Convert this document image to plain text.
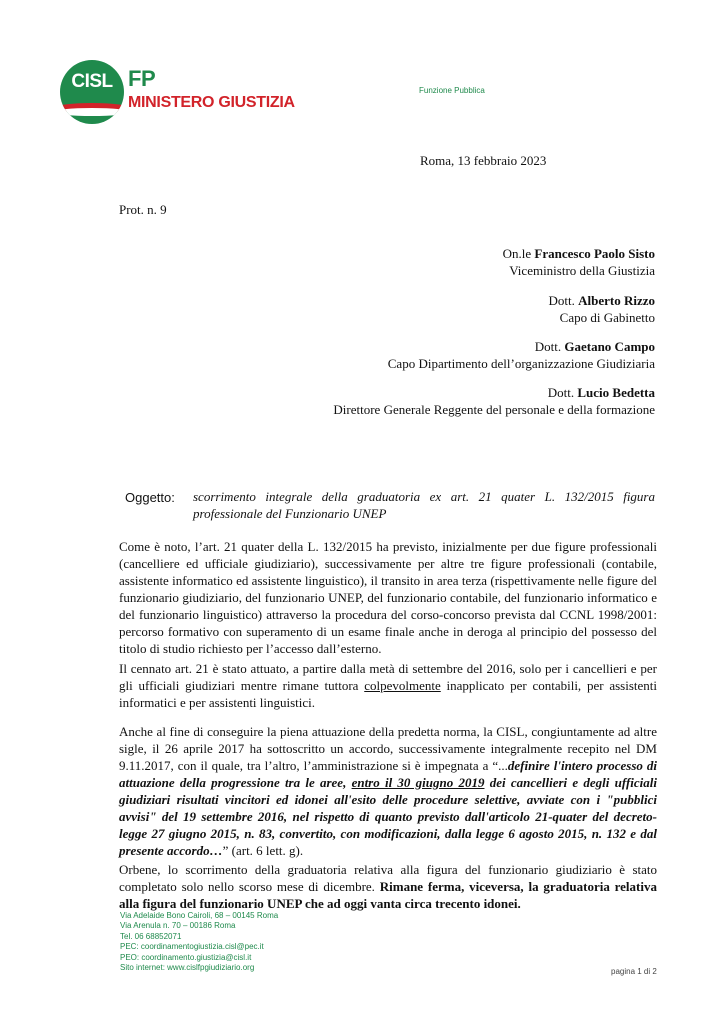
CISL FP
MINISTERO GIUSTIZIA
Funzione Pubblica
Roma, 13 febbraio 2023
Prot. n. 9
On.le Francesco Paolo Sisto
Viceministro della Giustizia
Dott. Alberto Rizzo
Capo di Gabinetto
Dott. Gaetano Campo
Capo Dipartimento dell’organizzazione Giudiziaria
Dott. Lucio Bedetta
Direttore Generale Reggente del personale e della formazione
Oggetto: scorrimento integrale della graduatoria ex art. 21 quater L. 132/2015 figura professionale del Funzionario UNEP
Come è noto, l’art. 21 quater della L. 132/2015 ha previsto, inizialmente per due figure professionali (cancelliere ed ufficiale giudiziario), successivamente per altre tre figure professionali (contabile, assistente informatico ed assistente linguistico), il transito in area terza (rispettivamente nelle figure del funzionario giudiziario, del funzionario UNEP, del funzionario contabile, del funzionario informatico e del funzionario linguistico) attraverso la procedura del corso-concorso prevista dal CCNL 1998/2001: percorso formativo con superamento di un esame finale anche in deroga al principio del possesso del titolo di studio richiesto per l’accesso dall’esterno.
Il cennato art. 21 è stato attuato, a partire dalla metà di settembre del 2016, solo per i cancellieri e per gli ufficiali giudiziari mentre rimane tuttora colpevolmente inapplicato per contabili, per assistenti informatici e per assistenti linguistici.
Anche al fine di conseguire la piena attuazione della predetta norma, la CISL, congiuntamente ad altre sigle, il 26 aprile 2017 ha sottoscritto un accordo, successivamente integralmente recepito nel DM 9.11.2017, con il quale, tra l’altro, l’amministrazione si è impegnata a “...definire l'intero processo di attuazione della progressione tra le aree, entro il 30 giugno 2019 dei cancellieri e degli ufficiali giudiziari risultati vincitori ed idonei all'esito delle procedure selettive, avviate con i "pubblici avvisi" del 19 settembre 2016, nel rispetto di quanto previsto dall'articolo 21-quater del decreto-legge 27 giugno 2015, n. 83, convertito, con modificazioni, dalla legge 6 agosto 2015, n. 132 e dal presente accordo…” (art. 6 lett. g).
Orbene, lo scorrimento della graduatoria relativa alla figura del funzionario giudiziario è stato completato solo nello scorso mese di dicembre. Rimane ferma, viceversa, la graduatoria relativa alla figura del funzionario UNEP che ad oggi vanta circa trecento idonei.
Via Adelaide Bono Cairoli, 68 – 00145 Roma
Via Arenula n. 70 – 00186 Roma
Tel. 06 68852071
PEC: coordinamentogiustizia.cisl@pec.it
PEO: coordinamento.giustizia@cisl.it
Sito internet: www.cislfpgiudiziario.org	pagina 1 di 2
